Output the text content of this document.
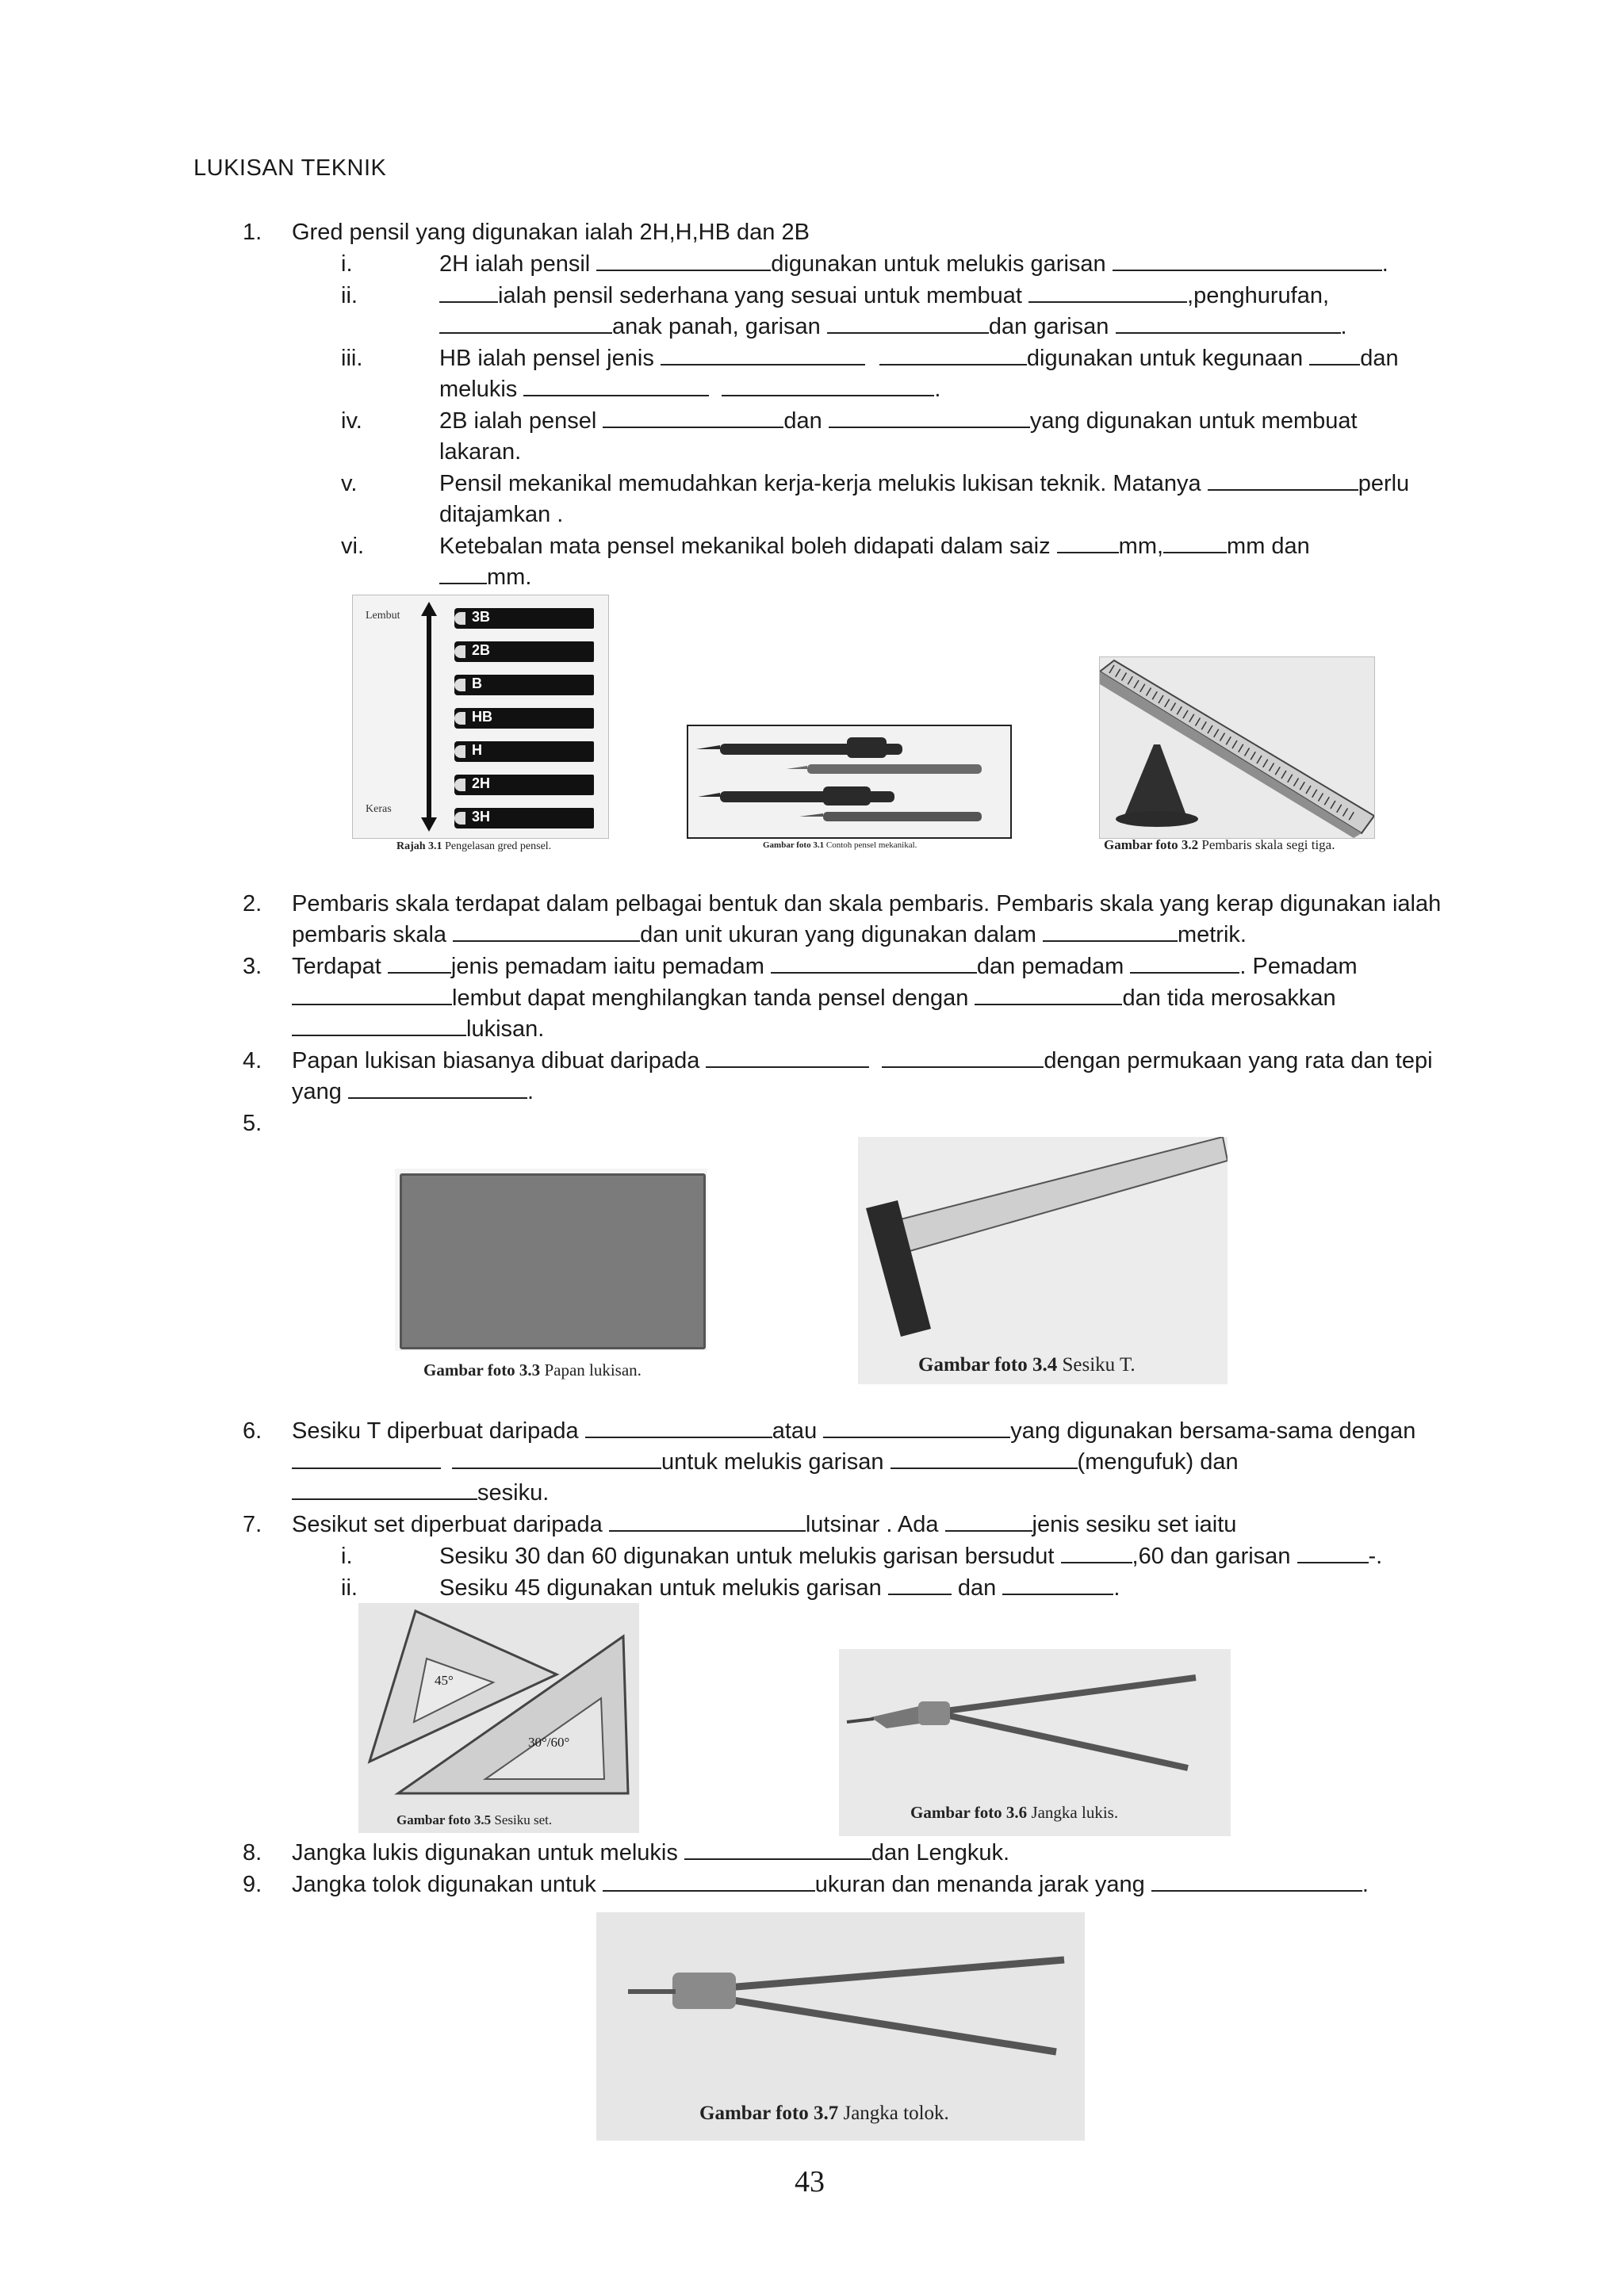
LUKISAN TEKNIK
1. Gred pensil yang digunakan ialah 2H,H,HB dan 2B
i.	2H ialah pensil	digunakan untuk melukis garisan	.
ii.	ialah pensil sederhana yang sesuai untuk membuat	,penghurufan,
anak panah, garisan	dan garisan	.
iii.	HB ialah pensel jenis	digunakan untuk kegunaan dan
melukis	.
iv.	2B ialah pensel	dan	yang digunakan untuk membuat
lakaran.
v.	Pensil mekanikal memudahkan kerja-kerja melukis lukisan teknik. Matanya	perlu
ditajamkan .
vi.	Ketebalan mata pensel mekanikal boleh didapati dalam saiz	mm,	mm dan
mm.
Lembut
Keras
3B
2B
B
HB
H
2H
3H
Rajah 3.1 Pengelasan gred pensel.	Gambar foto 3.1 Contoh pensel mekanikal.	Gambar foto 3.2 Pembaris skala segi tiga.
2. Pembaris skala terdapat dalam pelbagai bentuk dan skala pembaris. Pembaris skala yang kerap digunakan ialah
pembaris skala	dan unit ukuran yang digunakan dalam	metrik.
3. Terdapat	jenis pemadam iaitu pemadam	dan pemadam	. Pemadam
lembut dapat menghilangkan tanda pensel dengan	dan tida merosakkan
lukisan.
4. Papan lukisan biasanya dibuat daripada	dengan permukaan yang rata dan tepi
yang	.
5.
Gambar foto 3.3 Papan lukisan.	Gambar foto 3.4 Sesiku T.
6. Sesiku T diperbuat daripada	atau	yang digunakan bersama-sama dengan
untuk melukis garisan	(mengufuk) dan
sesiku.
7. Sesikut set diperbuat daripada	lutsinar . Ada	jenis sesiku set iaitu
i.	Sesiku 30 dan 60 digunakan untuk melukis garisan bersudut	,60 dan garisan	-.
ii.	Sesiku 45 digunakan untuk melukis garisan	dan	.
45°
30°/60°
Gambar foto 3.5 Sesiku set.	Gambar foto 3.6 Jangka lukis.
8. Jangka lukis digunakan untuk melukis	dan Lengkuk.
9. Jangka tolok digunakan untuk	ukuran dan menanda jarak yang	.
Gambar foto 3.7 Jangka tolok.
43
